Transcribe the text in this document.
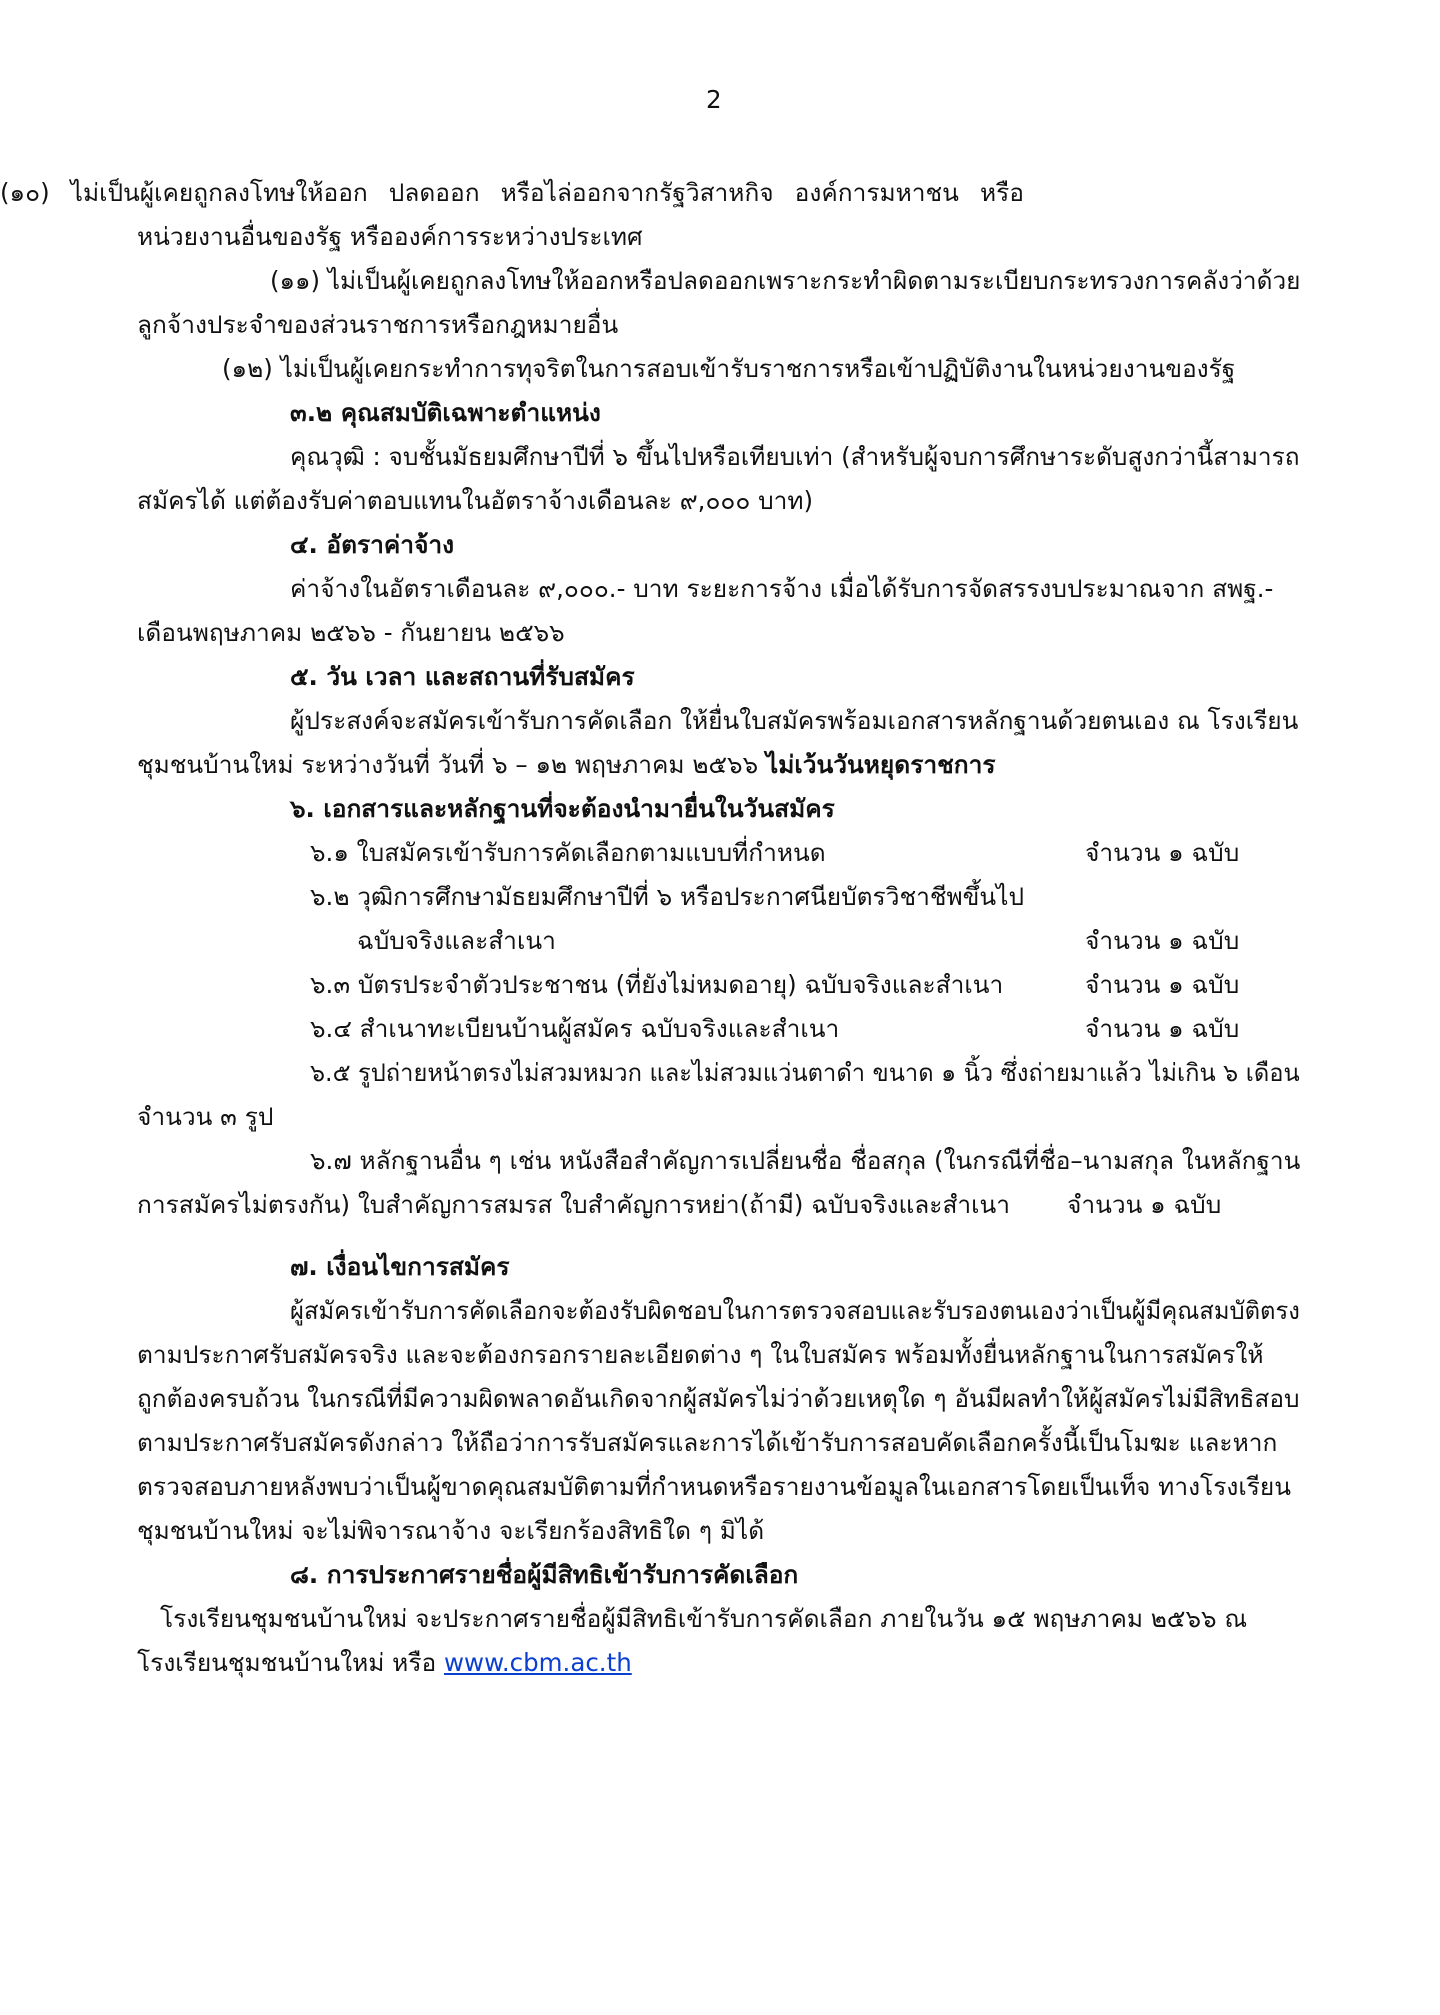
2
(๑๐) ไม่เป็นผู้เคยถูกลงโทษให้ออก ปลดออก หรือไล่ออกจากรัฐวิสาหกิจ องค์การมหาชน หรือ
หน่วยงานอื่นของรัฐ หรือองค์การระหว่างประเทศ
(๑๑) ไม่เป็นผู้เคยถูกลงโทษให้ออกหรือปลดออกเพราะกระทำผิดตามระเบียบกระทรวงการคลังว่าด้วย
ลูกจ้างประจำของส่วนราชการหรือกฎหมายอื่น
(๑๒) ไม่เป็นผู้เคยกระทำการทุจริตในการสอบเข้ารับราชการหรือเข้าปฏิบัติงานในหน่วยงานของรัฐ
๓.๒ คุณสมบัติเฉพาะตำแหน่ง
คุณวุฒิ : จบชั้นมัธยมศึกษาปีที่ ๖ ขึ้นไปหรือเทียบเท่า (สำหรับผู้จบการศึกษาระดับสูงกว่านี้สามารถ
สมัครได้ แต่ต้องรับค่าตอบแทนในอัตราจ้างเดือนละ ๙,๐๐๐ บาท)
๔. อัตราค่าจ้าง
ค่าจ้างในอัตราเดือนละ ๙,๐๐๐.- บาท ระยะการจ้าง เมื่อได้รับการจัดสรรงบประมาณจาก สพฐ.-
เดือนพฤษภาคม ๒๕๖๖ - กันยายน ๒๕๖๖
๕. วัน เวลา และสถานที่รับสมัคร
ผู้ประสงค์จะสมัครเข้ารับการคัดเลือก ให้ยื่นใบสมัครพร้อมเอกสารหลักฐานด้วยตนเอง ณ โรงเรียน
ชุมชนบ้านใหม่ ระหว่างวันที่ วันที่ ๖ – ๑๒ พฤษภาคม ๒๕๖๖ ไม่เว้นวันหยุดราชการ
๖. เอกสารและหลักฐานที่จะต้องนำมายื่นในวันสมัคร
๖.๑ ใบสมัครเข้ารับการคัดเลือกตามแบบที่กำหนด	จำนวน ๑ ฉบับ
๖.๒ วุฒิการศึกษามัธยมศึกษาปีที่ ๖ หรือประกาศนียบัตรวิชาชีพขึ้นไป
ฉบับจริงและสำเนา	จำนวน ๑ ฉบับ
๖.๓ บัตรประจำตัวประชาชน (ที่ยังไม่หมดอายุ) ฉบับจริงและสำเนา	จำนวน ๑ ฉบับ
๖.๔ สำเนาทะเบียนบ้านผู้สมัคร ฉบับจริงและสำเนา	จำนวน ๑ ฉบับ
๖.๕ รูปถ่ายหน้าตรงไม่สวมหมวก และไม่สวมแว่นตาดำ ขนาด ๑ นิ้ว ซึ่งถ่ายมาแล้ว ไม่เกิน ๖ เดือน
จำนวน ๓ รูป
๖.๗ หลักฐานอื่น ๆ เช่น หนังสือสำคัญการเปลี่ยนชื่อ ชื่อสกุล (ในกรณีที่ชื่อ–นามสกุล ในหลักฐาน
การสมัครไม่ตรงกัน) ใบสำคัญการสมรส ใบสำคัญการหย่า(ถ้ามี) ฉบับจริงและสำเนา จำนวน ๑ ฉบับ
๗. เงื่อนไขการสมัคร
ผู้สมัครเข้ารับการคัดเลือกจะต้องรับผิดชอบในการตรวจสอบและรับรองตนเองว่าเป็นผู้มีคุณสมบัติตรง
ตามประกาศรับสมัครจริง และจะต้องกรอกรายละเอียดต่าง ๆ ในใบสมัคร พร้อมทั้งยื่นหลักฐานในการสมัครให้
ถูกต้องครบถ้วน ในกรณีที่มีความผิดพลาดอันเกิดจากผู้สมัครไม่ว่าด้วยเหตุใด ๆ อันมีผลทำให้ผู้สมัครไม่มีสิทธิสอบ
ตามประกาศรับสมัครดังกล่าว ให้ถือว่าการรับสมัครและการได้เข้ารับการสอบคัดเลือกครั้งนี้เป็นโมฆะ และหาก
ตรวจสอบภายหลังพบว่าเป็นผู้ขาดคุณสมบัติตามที่กำหนดหรือรายงานข้อมูลในเอกสารโดยเป็นเท็จ ทางโรงเรียน
ชุมชนบ้านใหม่ จะไม่พิจารณาจ้าง จะเรียกร้องสิทธิใด ๆ มิได้
๘. การประกาศรายชื่อผู้มีสิทธิเข้ารับการคัดเลือก
โรงเรียนชุมชนบ้านใหม่ จะประกาศรายชื่อผู้มีสิทธิเข้ารับการคัดเลือก ภายในวัน ๑๕ พฤษภาคม ๒๕๖๖ ณ
โรงเรียนชุมชนบ้านใหม่ หรือ www.cbm.ac.th
